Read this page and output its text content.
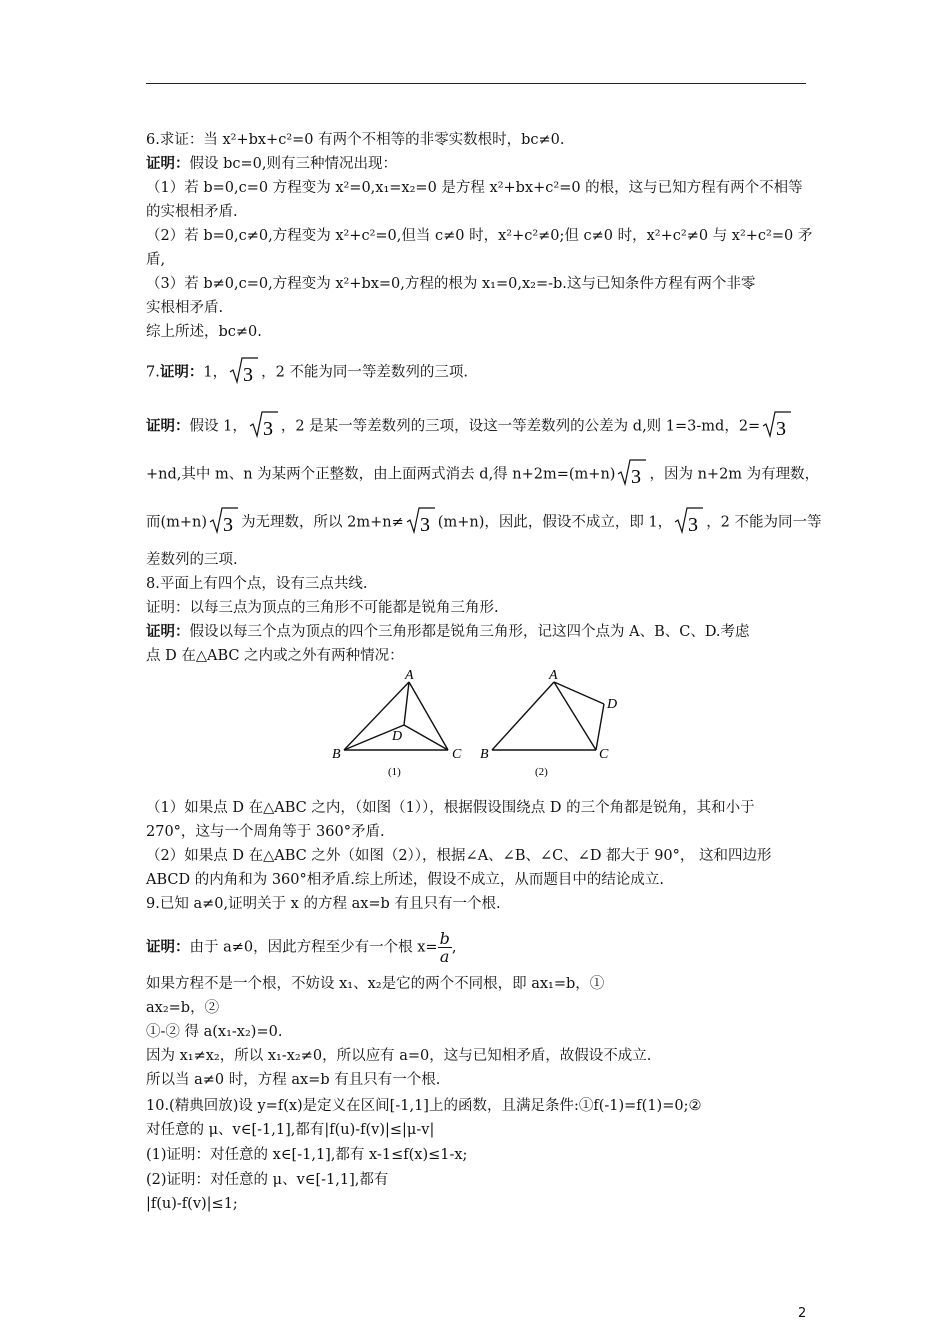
6.求证：当 x²+bx+c²=0 有两个不相等的非零实数根时，bc≠0.
证明：假设 bc=0,则有三种情况出现：
（1）若 b=0,c=0 方程变为 x²=0,x₁=x₂=0 是方程 x²+bx+c²=0 的根，这与已知方程有两个不相等
的实根相矛盾.
（2）若 b=0,c≠0,方程变为 x²+c²=0,但当 c≠0 时，x²+c²≠0;但 c≠0 时，x²+c²≠0 与 x²+c²=0 矛
盾,
（3）若 b≠0,c=0,方程变为 x²+bx=0,方程的根为 x₁=0,x₂=-b.这与已知条件方程有两个非零
实根相矛盾.
综上所述，bc≠0.
7.证明：1， 3 ，2 不能为同一等差数列的三项.
证明：假设 1， 3 ，2 是某一等差数列的三项，设这一等差数列的公差为 d,则 1=3-md，2= 3
+nd,其中 m、n 为某两个正整数，由上面两式消去 d,得 n+2m=(m+n) 3 ，因为 n+2m 为有理数，
而(m+n) 3 为无理数，所以 2m+n≠ 3 (m+n)，因此，假设不成立，即 1， 3 ，2 不能为同一等
差数列的三项.
8.平面上有四个点，设有三点共线.
证明：以每三点为顶点的三角形不可能都是锐角三角形.
证明：假设以每三个点为顶点的四个三角形都是锐角三角形，记这四个点为 A、B、C、D.考虑
点 D 在△ABC 之内或之外有两种情况：
A
B	C
D
(1)
A
B	C
D
(2)
（1）如果点 D 在△ABC 之内，（如图（1）），根据假设围绕点 D 的三个角都是锐角，其和小于
270°，这与一个周角等于 360°矛盾.
（2）如果点 D 在△ABC 之外（如图（2）），根据∠A、∠B、∠C、∠D 都大于 90°， 这和四边形
ABCD 的内角和为 360°相矛盾.综上所述，假设不成立，从而题目中的结论成立.
9.已知 a≠0,证明关于 x 的方程 ax=b 有且只有一个根.
证明：由于 a≠0，因此方程至少有一个根 $x= \frac{b}{a}$ ,
如果方程不是一个根，不妨设 x₁、x₂是它的两个不同根，即 ax₁=b，①
ax₂=b，②
①-② 得 a(x₁-x₂)=0.
因为 x₁≠x₂，所以 x₁-x₂≠0，所以应有 a=0，这与已知相矛盾，故假设不成立.
所以当 a≠0 时，方程 ax=b 有且只有一个根.
10.(精典回放)设 y=f(x)是定义在区间[-1,1]上的函数，且满足条件:①f(-1)=f(1)=0;②
对任意的 μ、v∈[-1,1],都有|f(u)-f(v)|≤|μ-v|
(1)证明：对任意的 x∈[-1,1],都有 x-1≤f(x)≤1-x;
(2)证明：对任意的 μ、v∈[-1,1],都有
|f(u)-f(v)|≤1;
2
